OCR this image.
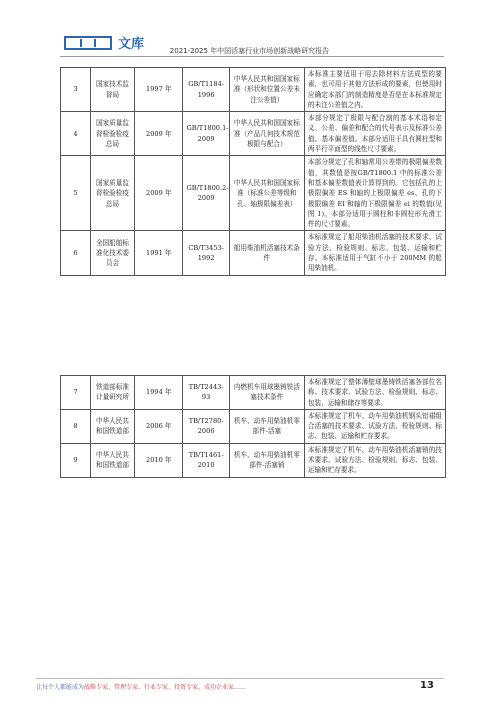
文库	2021-2025 年中国活塞行业市场创新战略研究报告
3	国家技术监督局	1997 年	GB/T1184-1996	中华人民共和国国家标准（形状和位置公差未注公差值）	本标准主要适用于用去除材料方法成型的要素，也可用于其他方法形成的要素，但使用时应确定本部门的制造精度是否是在本标准规定的未注公差值之内。
4	国家质量监督检验检疫总局	2009 年	GB/T1800.1-2009	中华人民共和国国家标准（产品几何技术规范极限与配合）	本部分规定了极限与配合制的基本术语和定义、公差、偏差和配合的代号表示及标准公差值、基本偏差值。本部分适用于具有圆柱型和两平行平面型的线性尺寸要素。
5	国家质量监督检验检疫总局	2009 年	GB/T1800.2-2009	中华人民共和国国家标准（标准公差等级和孔、轴极限偏差表）	本部分规定了孔和轴常用公差带的极限偏差数值，其数值是按GB/T1800.1 中的标准公差和基本偏差数值表计算得到的。它包括孔的上极限偏差 ES 和轴的上极限偏差 es、孔的下极限偏差 EI 和轴的下极限偏差 ei 的数值(见图 1)。本部分适用于圆柱和非圆柱形光滑工件的尺寸要素。
6	全国船舶标准化技术委员会	1991 年	CB/T3453-1992	船用柴油机活塞技术条件	本标准规定了船用柴油机活塞的技术要求、试验方法、检验规则、标志、包装、运输和贮存。本标准适用于气缸不小于 200MM 的船用柴油机。
7	铁道部标准计量研究所	1994 年	TB/T2443-93	内燃机车用球墨铸铁活塞技术条件	本标准规定了整体薄壁球墨铸铁活塞各部位名称、技术要求、试验方法、检验规则、标志、包装、运输和储存等要求。
8	中华人民共和国铁道部	2006 年	TB/T2780-2006	机车、动车用柴油机零部件-活塞	本标准规定了机车、动车用柴油机钢头铝裙组合活塞的技术要求、试验方法、检验规则、标志、包装、运输和贮存要求。
9	中华人民共和国铁道部	2010 年	TB/T1461-2010	机车、动车用柴油机零部件-活塞销	本标准规定了机车、动车用柴油机活塞销的技术要求、试验方法、检验规则、标志、包装、运输和贮存要求。
让每个人都能成为战略专家、管理专家、行业专家、投资专家、成功企业家……	13
